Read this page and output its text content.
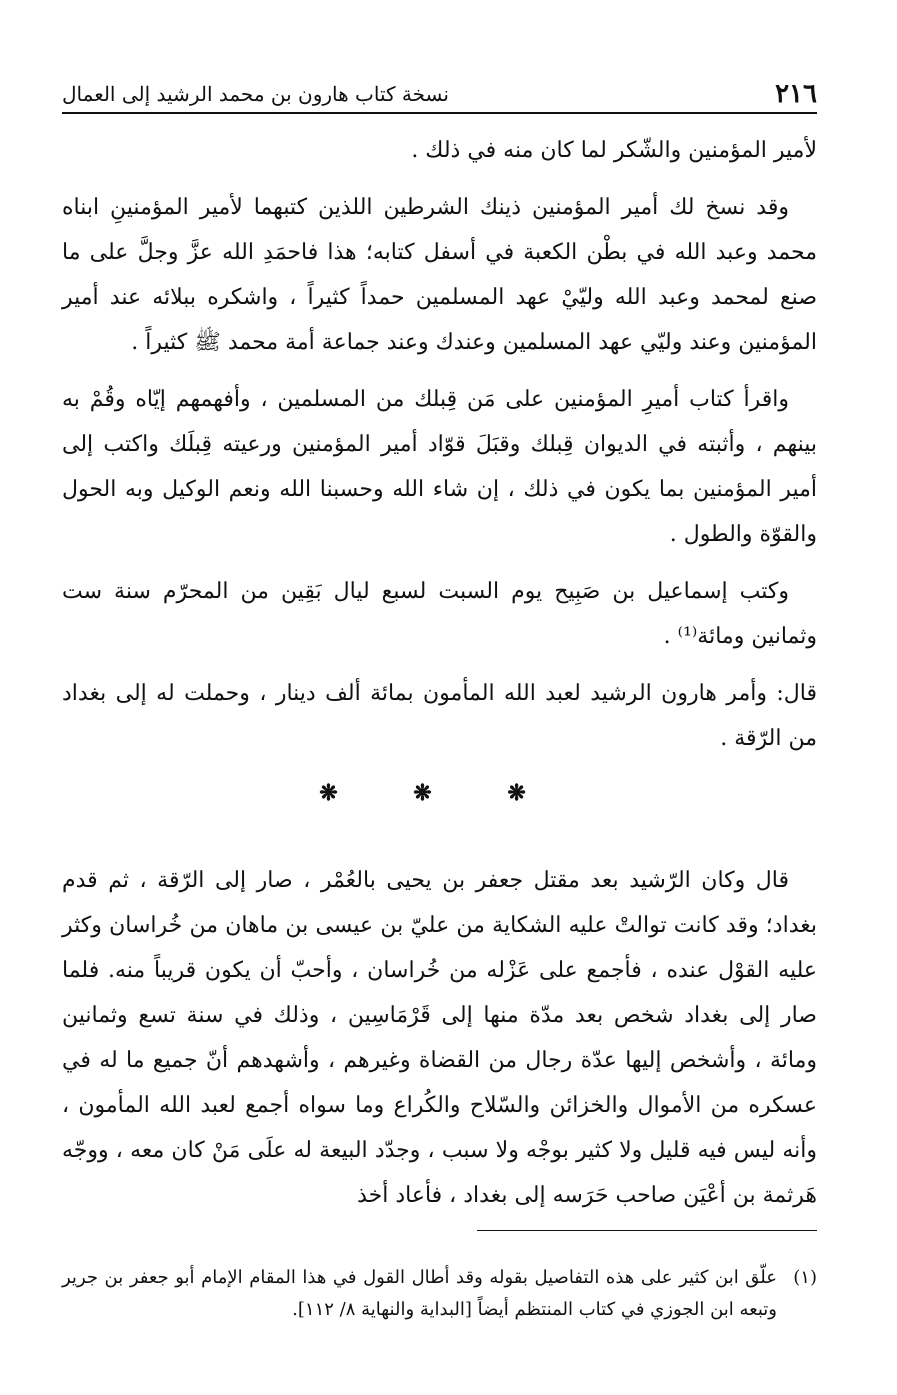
٢١٦
نسخة كتاب هارون بن محمد الرشيد إلى العمال

لأمير المؤمنين والشّكر لما كان منه في ذلك .

وقد نسخ لك أمير المؤمنين ذينك الشرطين اللذين كتبهما لأمير المؤمنينِ ابناه محمد وعبد الله في بطْن الكعبة في أسفل كتابه؛ هذا فاحمَدِ الله عزَّ وجلَّ على ما صنع لمحمد وعبد الله وليّيْ عهد المسلمين حمداً كثيراً ، واشكره ببلائه عند أمير المؤمنين وعند وليّي عهد المسلمين وعندك وعند جماعة أمة محمد ﷺ كثيراً .

واقرأ كتاب أميرِ المؤمنين على مَن قِبلك من المسلمين ، وأفهمهم إيّاه وقُمْ به بينهم ، وأثبته في الديوان قِبلك وقبَلَ قوّاد أمير المؤمنين ورعيته قِبلَك واكتب إلى أمير المؤمنين بما يكون في ذلك ، إن شاء الله وحسبنا الله ونعم الوكيل وبه الحول والقوّة والطول .

وكتب إسماعيل بن صَبِيح يوم السبت لسبع ليال بَقِين من المحرّم سنة ست وثمانين ومائة⁽¹⁾ .

قال: وأمر هارون الرشيد لعبد الله المأمون بمائة ألف دينار ، وحملت له إلى بغداد من الرّقة .

❋ ❋ ❋

قال وكان الرّشيد بعد مقتل جعفر بن يحيى بالعُمْر ، صار إلى الرّقة ، ثم قدم بغداد؛ وقد كانت توالتْ عليه الشكاية من عليّ بن عيسى بن ماهان من خُراسان وكثر عليه القوْل عنده ، فأجمع على عَزْله من خُراسان ، وأحبّ أن يكون قريباً منه. فلما صار إلى بغداد شخص بعد مدّة منها إلى قَرْمَاسِين ، وذلك في سنة تسع وثمانين ومائة ، وأشخص إليها عدّة رجال من القضاة وغيرهم ، وأشهدهم أنّ جميع ما له في عسكره من الأموال والخزائن والسّلاح والكُراع وما سواه أجمع لعبد الله المأمون ، وأنه ليس فيه قليل ولا كثير بوجْه ولا سبب ، وجدّد البيعة له علَى مَنْ كان معه ، ووجّه هَرثمة بن أعْيَن صاحب حَرَسه إلى بغداد ، فأعاد أخذ

(١)
علّق ابن كثير على هذه التفاصيل بقوله وقد أطال القول في هذا المقام الإمام أبو جعفر بن جرير وتبعه ابن الجوزي في كتاب المنتظم أيضاً [البداية والنهاية ٨/ ١١٢].
